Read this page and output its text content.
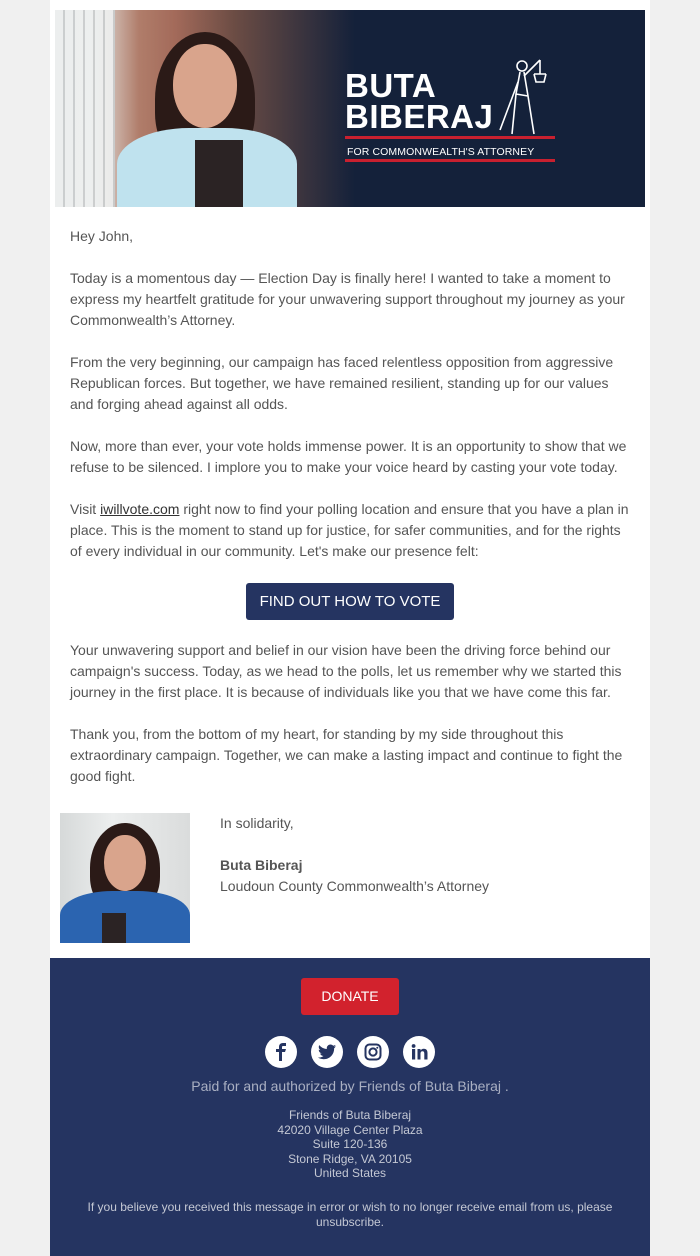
BUTA
BIBERAJ
FOR COMMONWEALTH'S ATTORNEY

Hey John,

Today is a momentous day — Election Day is finally here! I wanted to take a moment to express my heartfelt gratitude for your unwavering support throughout my journey as your Commonwealth’s Attorney.

From the very beginning, our campaign has faced relentless opposition from aggressive Republican forces. But together, we have remained resilient, standing up for our values and forging ahead against all odds.

Now, more than ever, your vote holds immense power. It is an opportunity to show that we refuse to be silenced. I implore you to make your voice heard by casting your vote today.

Visit iwillvote.com right now to find your polling location and ensure that you have a plan in place. This is the moment to stand up for justice, for safer communities, and for the rights of every individual in our community. Let's make our presence felt:

Your unwavering support and belief in our vision have been the driving force behind our campaign's success. Today, as we head to the polls, let us remember why we started this journey in the first place. It is because of individuals like you that we have come this far.

Thank you, from the bottom of my heart, for standing by my side throughout this extraordinary campaign. Together, we can make a lasting impact and continue to fight the good fight.

FIND OUT HOW TO VOTE
In solidarity,
Buta Biberaj
Loudoun County Commonwealth’s Attorney
DONATE
Paid for and authorized by Friends of Buta Biberaj .
Friends of Buta Biberaj
42020 Village Center Plaza
Suite 120-136
Stone Ridge, VA 20105
United States
If you believe you received this message in error or wish to no longer receive email from us, please unsubscribe.
